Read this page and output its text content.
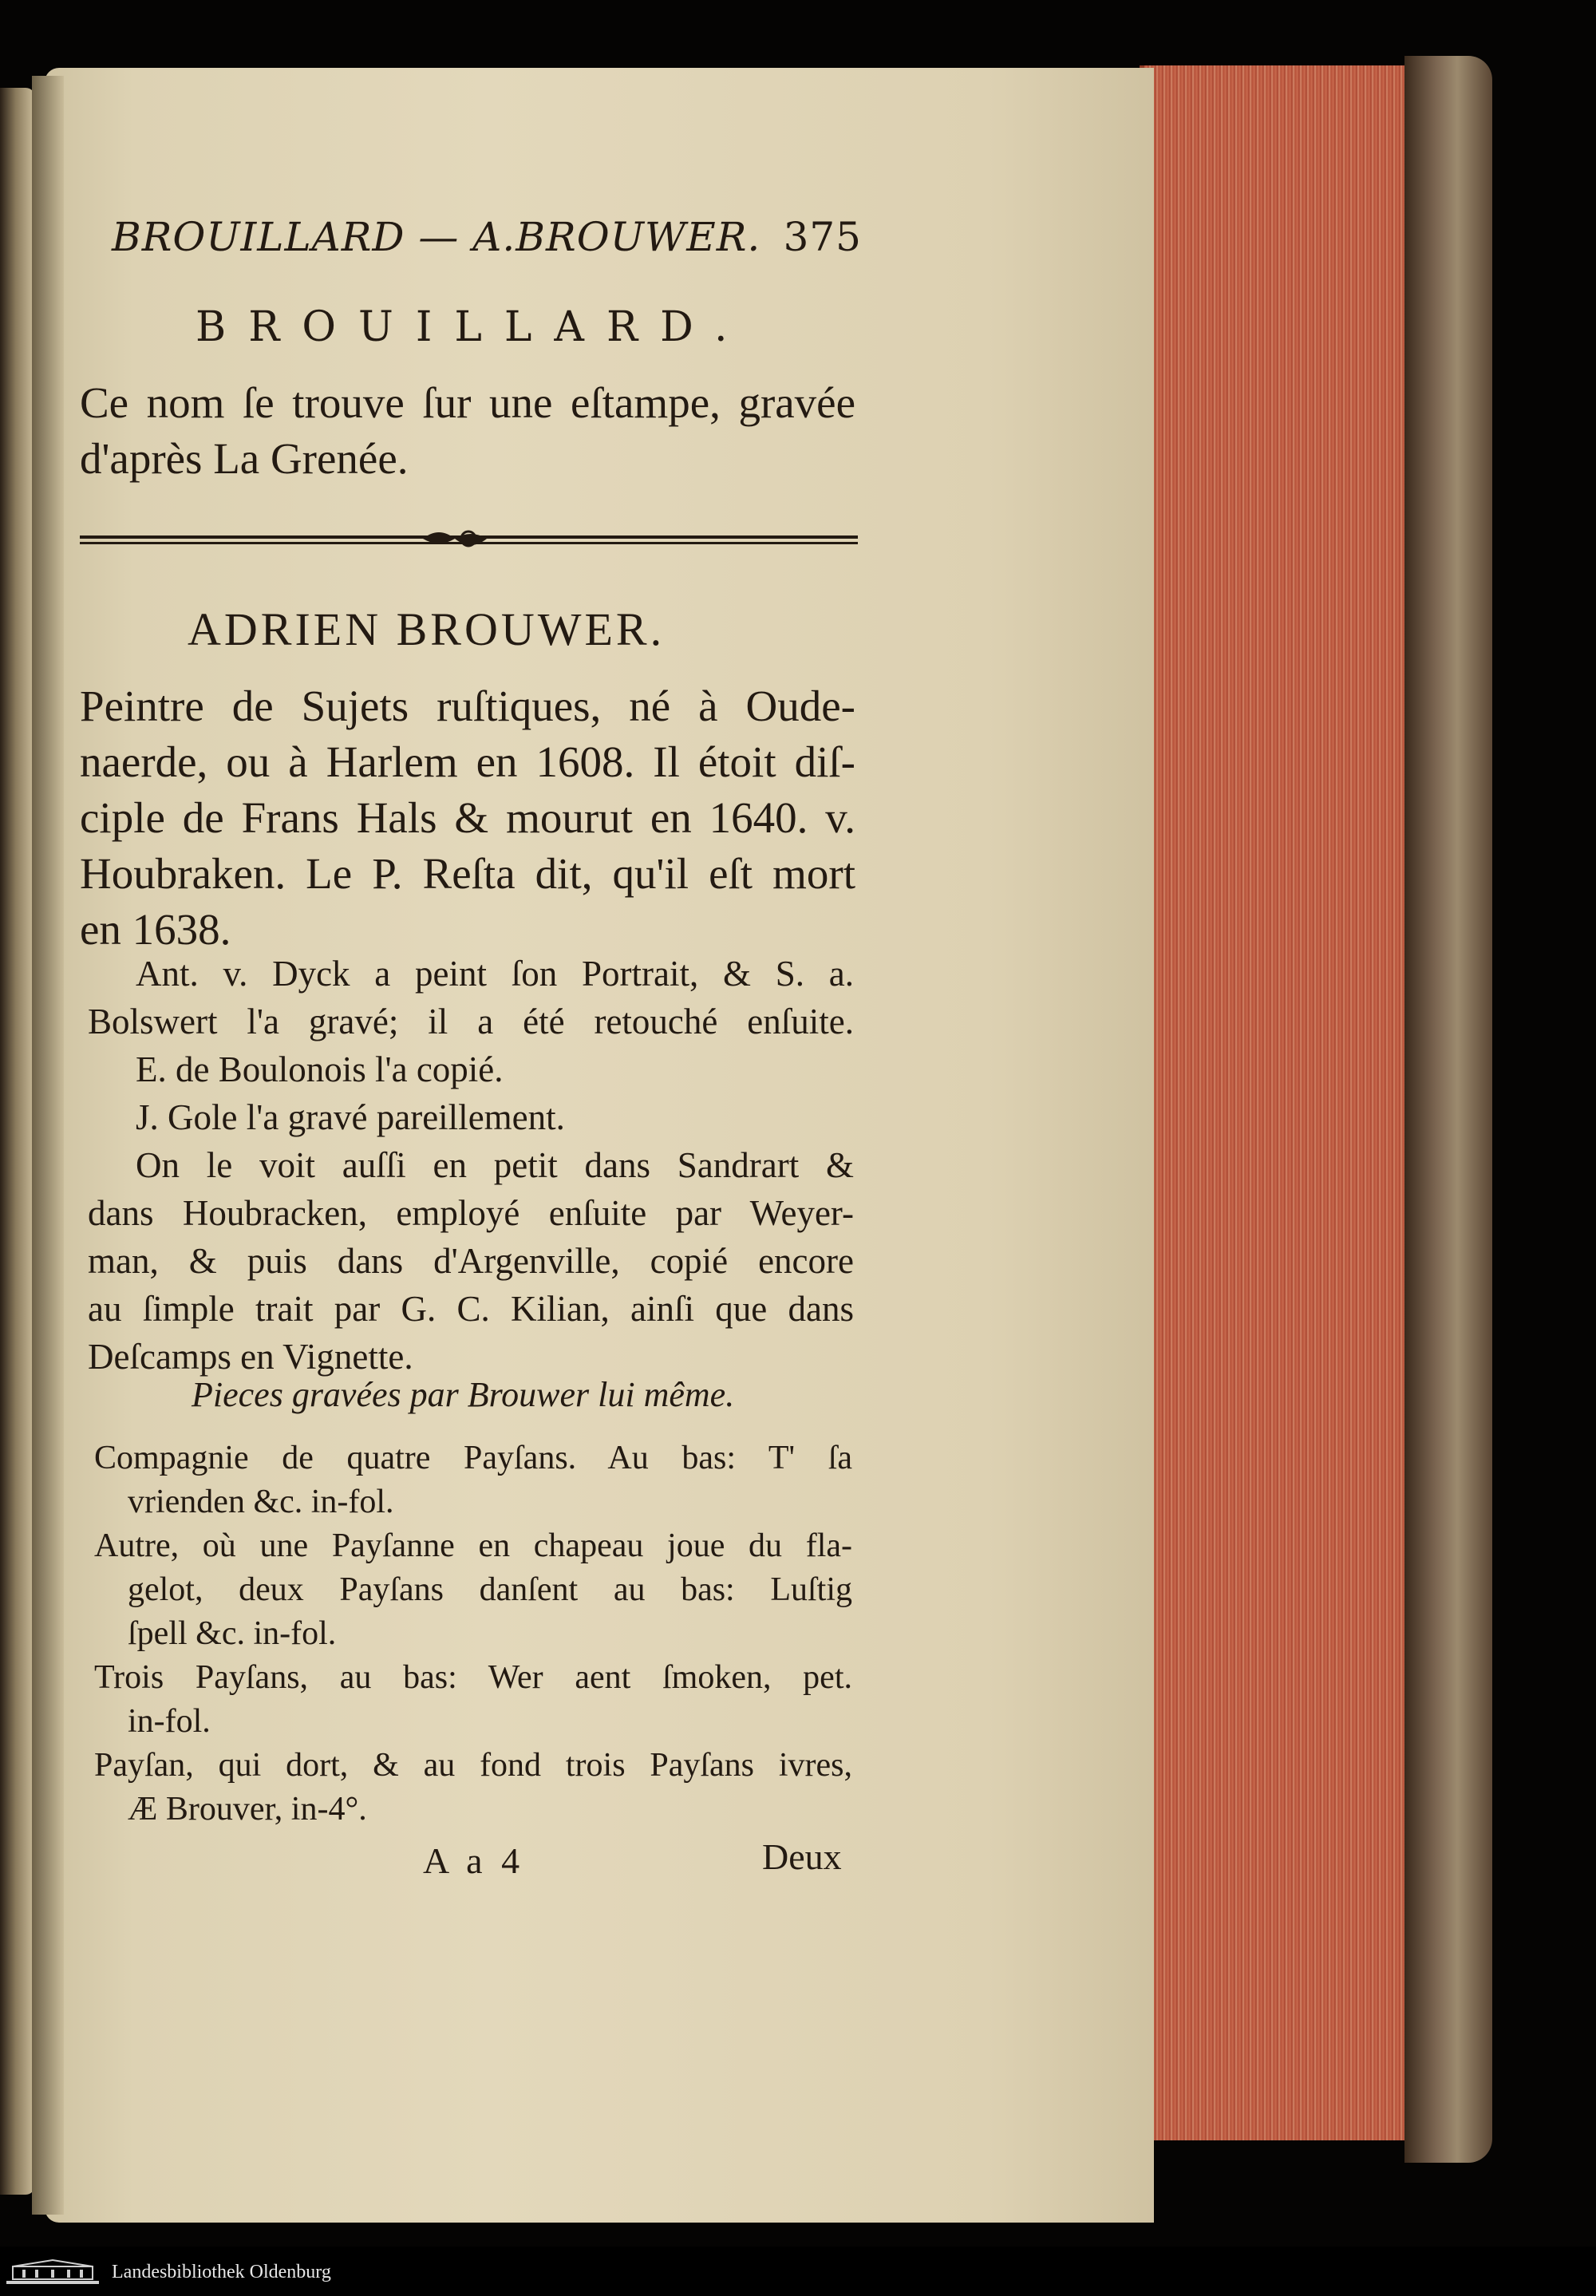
BROUILLARD — A.BROUWER. 375
BROUILLARD.
Ce nom ſe trouve ſur une eſtampe, gravée
d'après La Grenée.
ADRIEN BROUWER.
Peintre de Sujets ruſtiques, né à Oude-
naerde, ou à Harlem en 1608. Il étoit diſ-
ciple de Frans Hals & mourut en 1640. v.
Houbraken. Le P. Reſta dit, qu'il eſt mort
en 1638.
Ant. v. Dyck a peint ſon Portrait, & S. a.
Bolswert l'a gravé; il a été retouché enſuite.
E. de Boulonois l'a copié.
J. Gole l'a gravé pareillement.
On le voit auſſi en petit dans Sandrart &
dans Houbracken, employé enſuite par Weyer-
man, & puis dans d'Argenville, copié encore
au ſimple trait par G. C. Kilian, ainſi que dans
Deſcamps en Vignette.
Pieces gravées par Brouwer lui même.
Compagnie de quatre Payſans. Au bas: T' ſa
vrienden &c. in-fol.
Autre, où une Payſanne en chapeau joue du fla-
gelot, deux Payſans danſent au bas: Luſtig
ſpell &c. in-fol.
Trois Payſans, au bas: Wer aent ſmoken, pet.
in-fol.
Payſan, qui dort, & au fond trois Payſans ivres,
Æ Brouver, in-4°.
A a 4	Deux
Landesbibliothek Oldenburg
